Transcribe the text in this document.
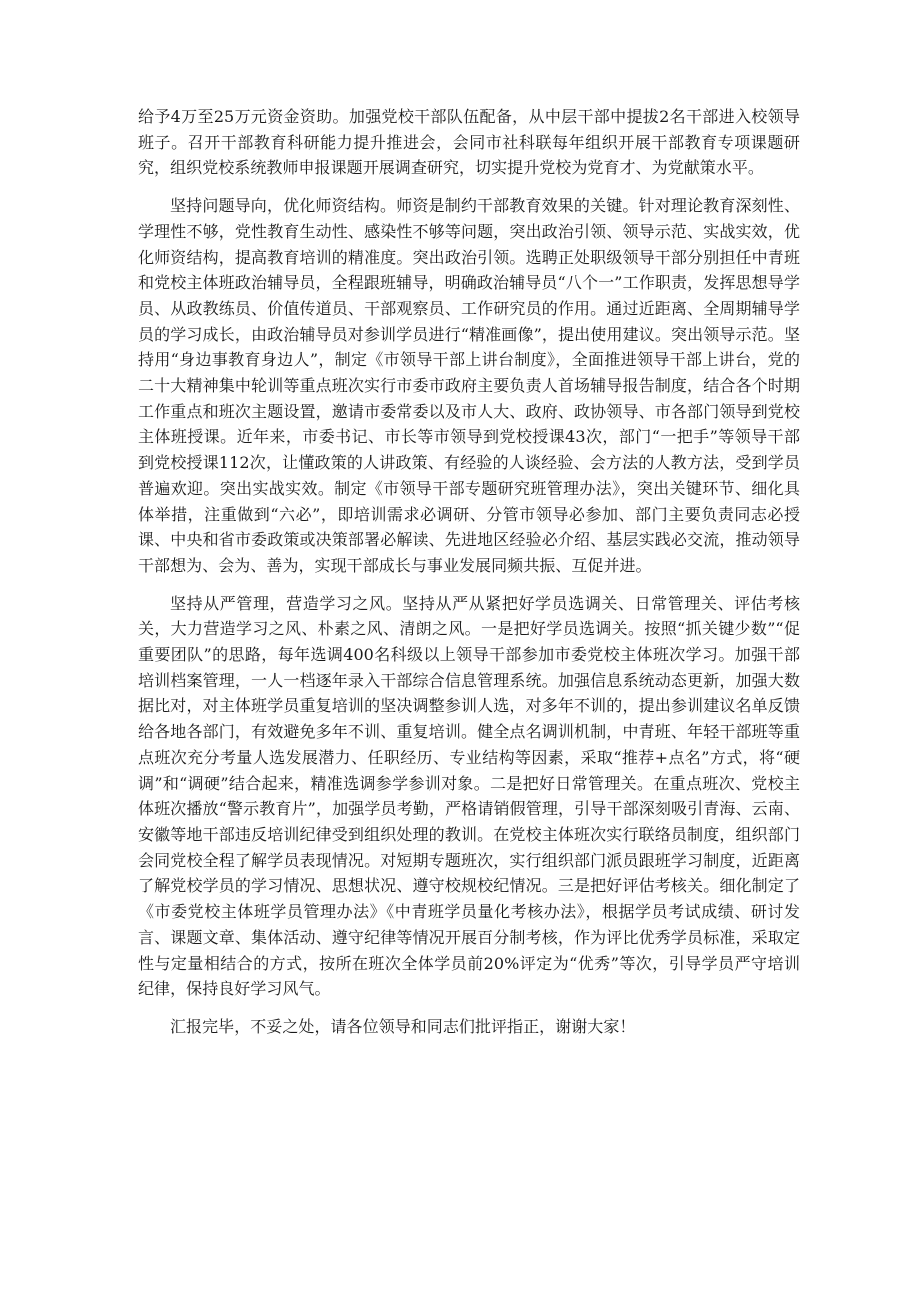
给予4万至25万元资金资助。加强党校干部队伍配备，从中层干部中提拔2名干部进入校领导班子。召开干部教育科研能力提升推进会，会同市社科联每年组织开展干部教育专项课题研究，组织党校系统教师申报课题开展调查研究，切实提升党校为党育才、为党献策水平。

坚持问题导向，优化师资结构。师资是制约干部教育效果的关键。针对理论教育深刻性、学理性不够，党性教育生动性、感染性不够等问题，突出政治引领、领导示范、实战实效，优化师资结构，提高教育培训的精准度。突出政治引领。选聘正处职级领导干部分别担任中青班和党校主体班政治辅导员，全程跟班辅导，明确政治辅导员“八个一”工作职责，发挥思想导学员、从政教练员、价值传道员、干部观察员、工作研究员的作用。通过近距离、全周期辅导学员的学习成长，由政治辅导员对参训学员进行“精准画像”，提出使用建议。突出领导示范。坚持用“身边事教育身边人”，制定《市领导干部上讲台制度》，全面推进领导干部上讲台，党的二十大精神集中轮训等重点班次实行市委市政府主要负责人首场辅导报告制度，结合各个时期工作重点和班次主题设置，邀请市委常委以及市人大、政府、政协领导、市各部门领导到党校主体班授课。近年来，市委书记、市长等市领导到党校授课43次，部门“一把手”等领导干部到党校授课112次，让懂政策的人讲政策、有经验的人谈经验、会方法的人教方法，受到学员普遍欢迎。突出实战实效。制定《市领导干部专题研究班管理办法》，突出关键环节、细化具体举措，注重做到“六必”，即培训需求必调研、分管市领导必参加、部门主要负责同志必授课、中央和省市委政策或决策部署必解读、先进地区经验必介绍、基层实践必交流，推动领导干部想为、会为、善为，实现干部成长与事业发展同频共振、互促并进。

坚持从严管理，营造学习之风。坚持从严从紧把好学员选调关、日常管理关、评估考核关，大力营造学习之风、朴素之风、清朗之风。一是把好学员选调关。按照“抓关键少数”“促重要团队”的思路，每年选调400名科级以上领导干部参加市委党校主体班次学习。加强干部培训档案管理，一人一档逐年录入干部综合信息管理系统。加强信息系统动态更新，加强大数据比对，对主体班学员重复培训的坚决调整参训人选，对多年不训的，提出参训建议名单反馈给各地各部门，有效避免多年不训、重复培训。健全点名调训机制，中青班、年轻干部班等重点班次充分考量人选发展潜力、任职经历、专业结构等因素，采取“推荐+点名”方式，将“硬调”和“调硬”结合起来，精准选调参学参训对象。二是把好日常管理关。在重点班次、党校主体班次播放“警示教育片”，加强学员考勤，严格请销假管理，引导干部深刻吸引青海、云南、安徽等地干部违反培训纪律受到组织处理的教训。在党校主体班次实行联络员制度，组织部门会同党校全程了解学员表现情况。对短期专题班次，实行组织部门派员跟班学习制度，近距离了解党校学员的学习情况、思想状况、遵守校规校纪情况。三是把好评估考核关。细化制定了《市委党校主体班学员管理办法》《中青班学员量化考核办法》，根据学员考试成绩、研讨发言、课题文章、集体活动、遵守纪律等情况开展百分制考核，作为评比优秀学员标准，采取定性与定量相结合的方式，按所在班次全体学员前20%评定为“优秀”等次，引导学员严守培训纪律，保持良好学习风气。

汇报完毕，不妥之处，请各位领导和同志们批评指正，谢谢大家！
